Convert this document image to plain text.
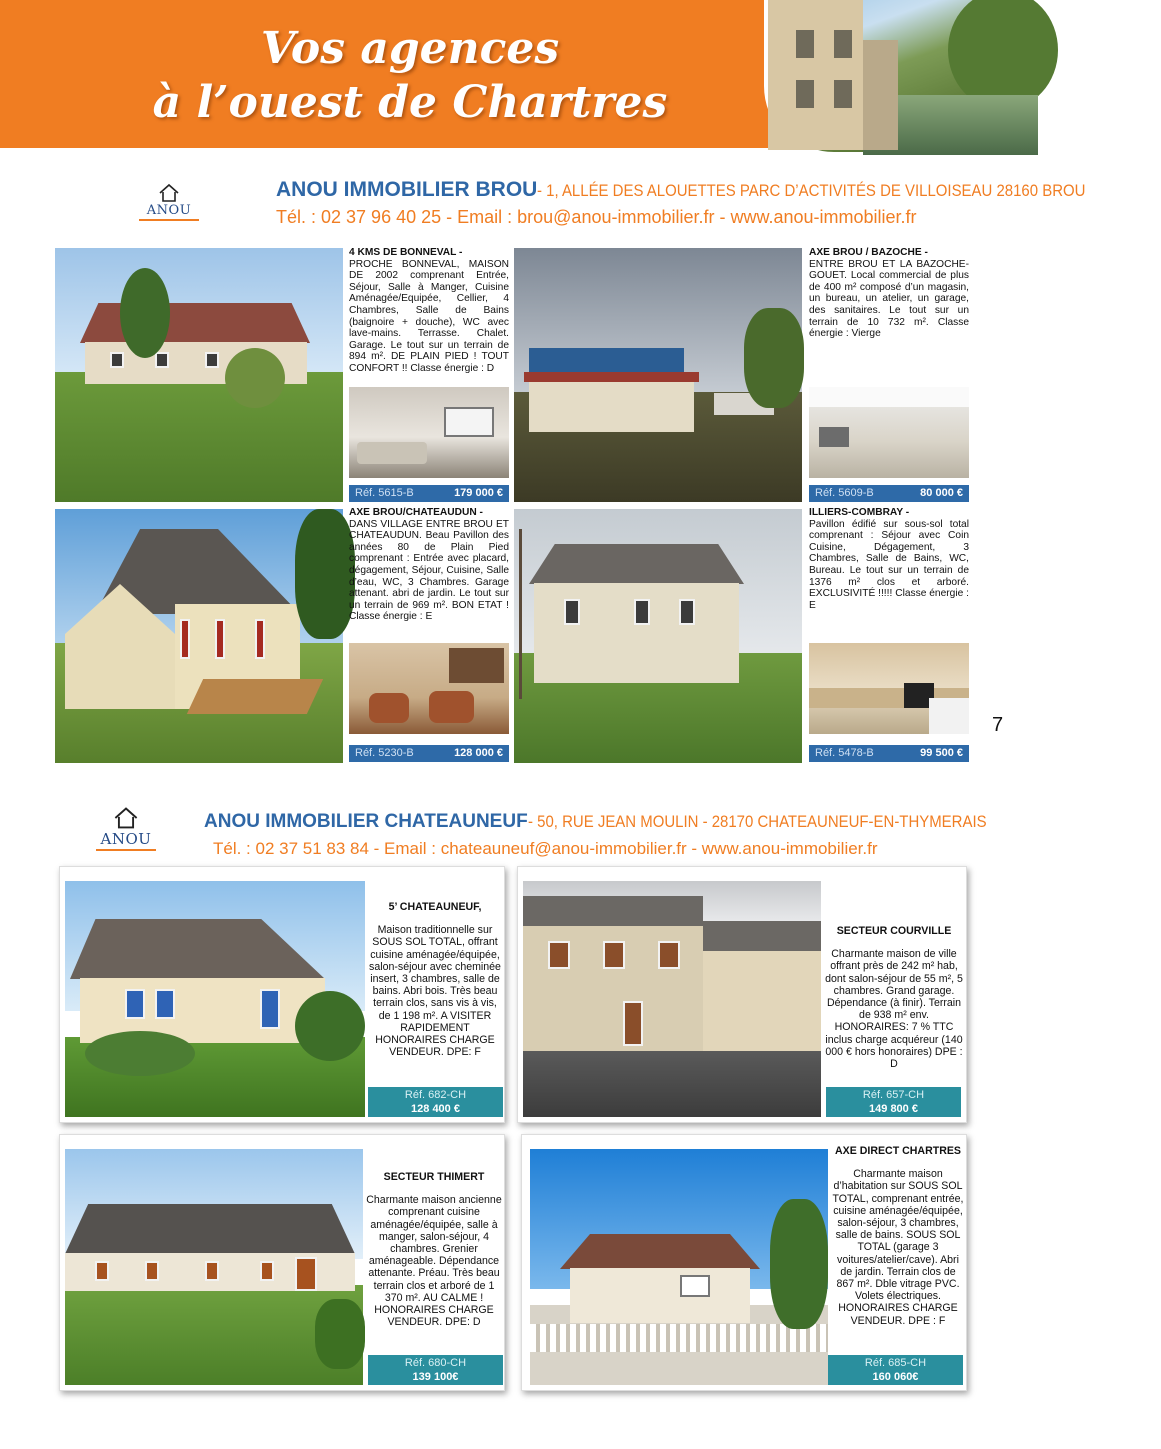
Vos agences
à l’ouest de Chartres
ANOU
ANOU IMMOBILIER BROU- 1, ALLÉE DES ALOUETTES PARC D’ACTIVITÉS DE VILLOISEAU 28160 BROU
Tél. : 02 37 96 40 25 - Email : brou@anou-immobilier.fr - www.anou-immobilier.fr
4 KMS DE BONNEVAL -
PROCHE BONNEVAL, MAISON DE 2002 comprenant Entrée, Séjour, Salle à Manger, Cuisine Aménagée/Equipée, Cellier, 4 Chambres, Salle de Bains (baignoire + douche), WC avec lave-mains. Terrasse. Chalet. Garage. Le tout sur un terrain de 894 m². DE PLAIN PIED ! TOUT CONFORT !! Classe énergie : D
Réf. 5615-B	179 000 €
AXE BROU / BAZOCHE -
ENTRE BROU ET LA BAZOCHE-GOUET. Local commercial de plus de 400 m² composé d’un magasin, un bureau, un atelier, un garage, des sanitaires. Le tout sur un terrain de 10 732 m². Classe énergie : Vierge
Réf. 5609-B	80 000 €
AXE BROU/CHATEAUDUN -
DANS VILLAGE ENTRE BROU ET CHATEAUDUN. Beau Pavillon des années 80 de Plain Pied comprenant : Entrée avec placard, dégagement, Séjour, Cuisine, Salle d’eau, WC, 3 Chambres. Garage attenant. abri de jardin. Le tout sur un terrain de 969 m². BON ETAT ! Classe énergie : E
Réf. 5230-B	128 000 €
ILLIERS-COMBRAY -
Pavillon édifié sur sous-sol total comprenant : Séjour avec Coin Cuisine, Dégagement, 3 Chambres, Salle de Bains, WC, Bureau. Le tout sur un terrain de 1376 m² clos et arboré. EXCLUSIVITÉ !!!!! Classe énergie : E
Réf. 5478-B	99 500 €
7
ANOU
ANOU IMMOBILIER CHATEAUNEUF- 50, RUE JEAN MOULIN - 28170 CHATEAUNEUF-EN-THYMERAIS
Tél. : 02 37 51 83 84 - Email : chateauneuf@anou-immobilier.fr - www.anou-immobilier.fr
5’ CHATEAUNEUF,
Maison traditionnelle sur SOUS SOL TOTAL, offrant cuisine aménagée/équipée, salon-séjour avec cheminée insert, 3 chambres, salle de bains. Abri bois. Très beau terrain clos, sans vis à vis, de 1 198 m². A VISITER RAPIDEMENT HONORAIRES CHARGE VENDEUR. DPE: F
Réf. 682-CH
128 400 €
SECTEUR COURVILLE
Charmante maison de ville offrant près de 242 m² hab, dont salon-séjour de 55 m², 5 chambres. Grand garage. Dépendance (à finir). Terrain de 938 m² env. HONORAIRES: 7 % TTC inclus charge acquéreur (140 000 € hors honoraires) DPE : D
Réf. 657-CH
149 800 €
SECTEUR THIMERT
Charmante maison ancienne comprenant cuisine aménagée/équipée, salle à manger, salon-séjour, 4 chambres. Grenier aménageable. Dépendance attenante. Préau. Très beau terrain clos et arboré de 1 370 m². AU CALME ! HONORAIRES CHARGE VENDEUR. DPE: D
Réf. 680-CH
139 100€
AXE DIRECT CHARTRES
Charmante maison d’habitation sur SOUS SOL TOTAL, comprenant entrée, cuisine aménagée/équipée, salon-séjour, 3 chambres, salle de bains. SOUS SOL TOTAL (garage 3 voitures/atelier/cave). Abri de jardin. Terrain clos de 867 m². Dble vitrage PVC. Volets électriques. HONORAIRES CHARGE VENDEUR. DPE : F
Réf. 685-CH
160 060€
